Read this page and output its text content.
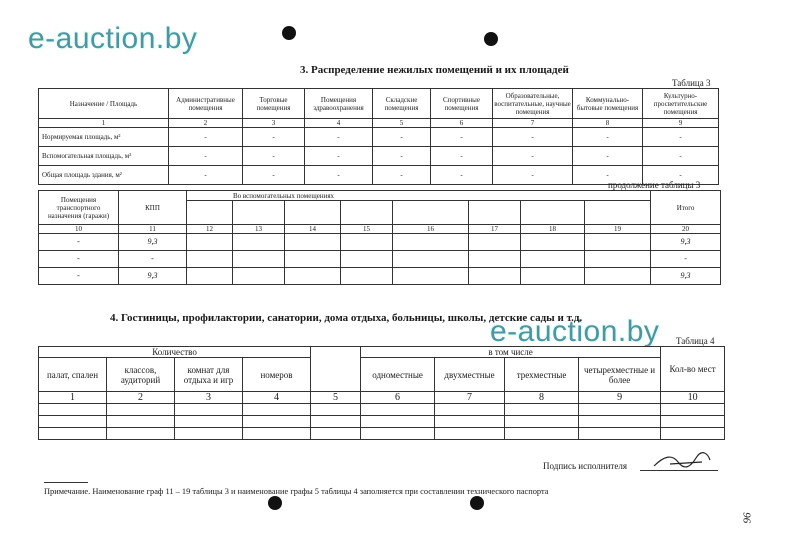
e-auction.by
e-auction.by
3. Распределение нежилых помещений и их площадей
Таблица 3
Назначение / Площадь	Административные помещения	Торговые помещения	Помещения здравоохранения	Складские помещения	Спортивные помещения	Образовательные, воспитательные, научные помещения	Коммунально-бытовые помещения	Культурно-просветительские помещения
1	2	3	4	5	6	7	8	9
Нормируемая площадь, м²	-	-	-	-	-	-	-	-
Вспомогательная площадь, м²	-	-	-	-	-	-	-	-
Общая площадь здания, м²	-	-	-	-	-	-	-	-
продолжение таблицы 3
Помещения транспортного назначения (гаражи)	КПП	Во вспомогательных помещениях								Итого

10	11	12	13	14	15	16	17	18	19	20
-	9,3									9,3
-	-									-
-	9,3									9,3
4. Гостиницы, профилактории, санатории, дома отдыха, больницы, школы, детские сады и т.д.
Таблица 4
Количество					в том числе				Кол-во мест
палат, спален	классов, аудиторий	комнат для отдыха и игр	номеров		одноместные	двухместные	трехместные	четырехместные и более	
1	2	3	4	5	6	7	8	9	10

Подпись исполнителя
Примечание. Наименование граф 11 – 19 таблицы 3 и наименование графы 5 таблицы 4 заполняется при составлении технического паспорта
96
